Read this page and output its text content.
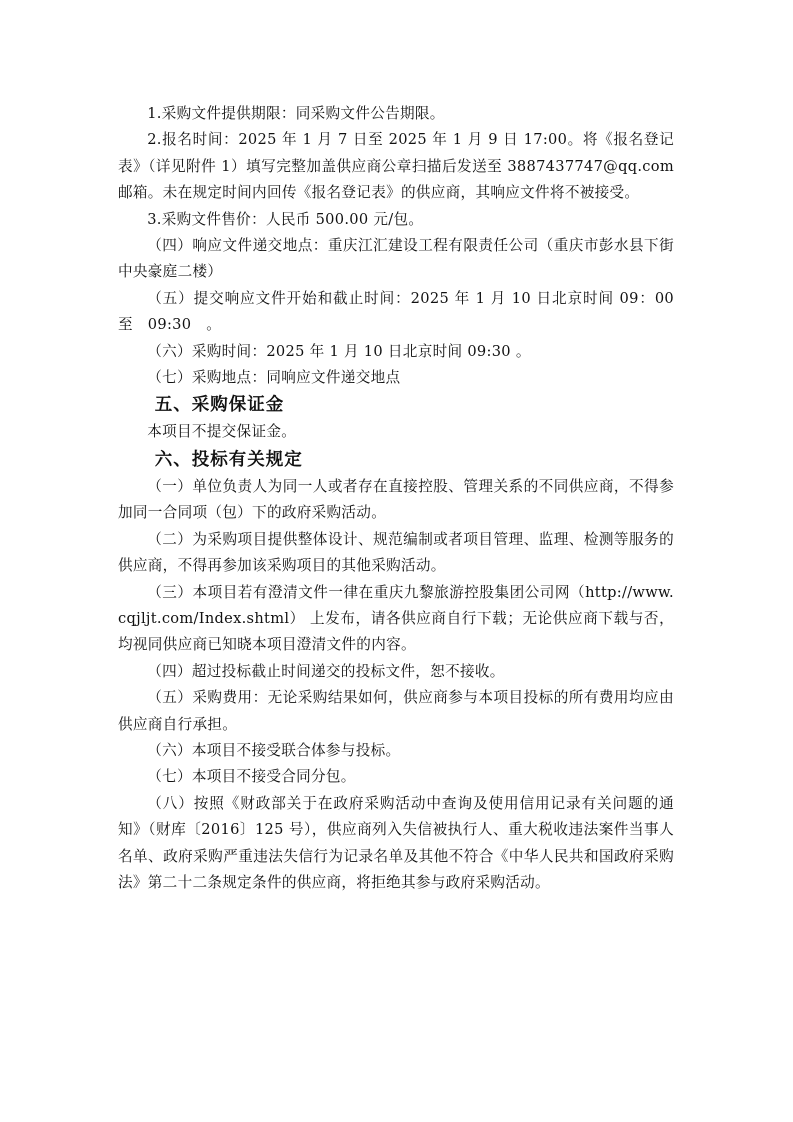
1.采购文件提供期限：同采购文件公告期限。

2.报名时间：2025 年 1 月 7 日至 2025 年 1 月 9 日 17:00。将《报名登记表》（详见附件 1）填写完整加盖供应商公章扫描后发送至 3887437747@qq.com 邮箱。未在规定时间内回传《报名登记表》的供应商，其响应文件将不被接受。

3.采购文件售价：人民币 500.00 元/包。

（四）响应文件递交地点：重庆江汇建设工程有限责任公司（重庆市彭水县下街中央豪庭二楼）

（五）提交响应文件开始和截止时间：2025 年 1 月 10 日北京时间 09：00 至　09:30　。

（六）采购时间：2025 年 1 月 10 日北京时间 09:30 。

（七）采购地点：同响应文件递交地点

五、采购保证金

本项目不提交保证金。

六、投标有关规定

（一）单位负责人为同一人或者存在直接控股、管理关系的不同供应商，不得参加同一合同项（包）下的政府采购活动。

（二）为采购项目提供整体设计、规范编制或者项目管理、监理、检测等服务的供应商，不得再参加该采购项目的其他采购活动。

（三）本项目若有澄清文件一律在重庆九黎旅游控股集团公司网（http://www.cqjljt.com/Index.shtml） 上发布，请各供应商自行下载；无论供应商下载与否，均视同供应商已知晓本项目澄清文件的内容。

（四）超过投标截止时间递交的投标文件，恕不接收。

（五）采购费用：无论采购结果如何，供应商参与本项目投标的所有费用均应由供应商自行承担。

（六）本项目不接受联合体参与投标。

（七）本项目不接受合同分包。

（八）按照《财政部关于在政府采购活动中查询及使用信用记录有关问题的通知》（财库〔2016〕125 号），供应商列入失信被执行人、重大税收违法案件当事人名单、政府采购严重违法失信行为记录名单及其他不符合《中华人民共和国政府采购法》第二十二条规定条件的供应商，将拒绝其参与政府采购活动。
